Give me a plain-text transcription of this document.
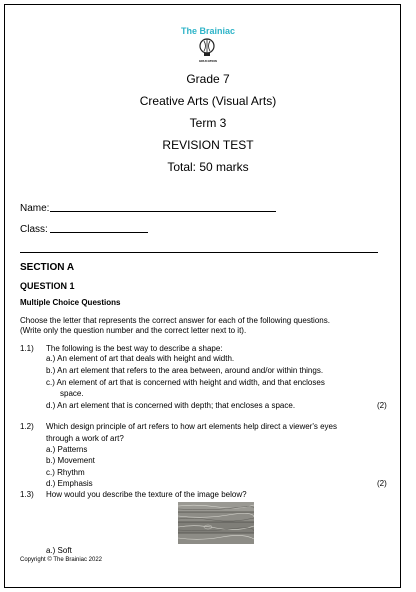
The Brainiac
EDUCATION
Grade 7
Creative Arts (Visual Arts)
Term 3
REVISION TEST
Total: 50 marks
Name:
Class:
SECTION A
QUESTION 1
Multiple Choice Questions
Choose the letter that represents the correct answer for each of the following questions.
(Write only the question number and the correct letter next to it).
1.1) The following is the best way to describe a shape:
a.) An element of art that deals with height and width.
b.) An art element that refers to the area between, around and/or within things.
c.) An element of art that is concerned with height and width, and that encloses
space.
d.) An art element that is concerned with depth; that encloses a space.	(2)
1.2) Which design principle of art refers to how art elements help direct a viewer's eyes
through a work of art?
a.) Patterns
b.) Movement
c.) Rhythm
d.) Emphasis	(2)
1.3) How would you describe the texture of the image below?
a.) Soft
Copyright © The Brainiac 2022
